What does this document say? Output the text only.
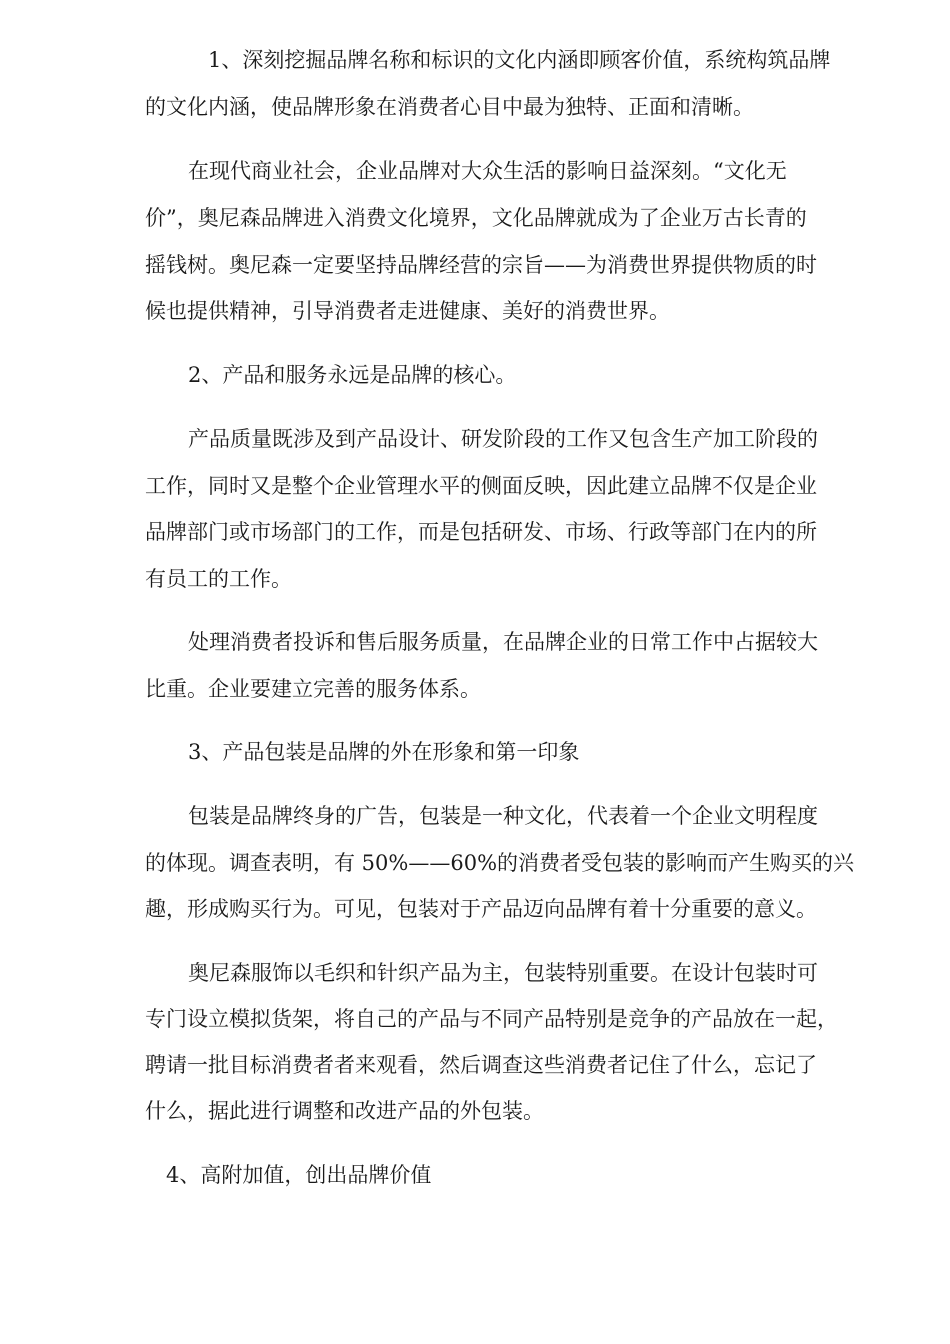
1、深刻挖掘品牌名称和标识的文化内涵即顾客价值，系统构筑品牌
的文化内涵，使品牌形象在消费者心目中最为独特、正面和清晰。
在现代商业社会，企业品牌对大众生活的影响日益深刻。“文化无
价”，奥尼森品牌进入消费文化境界，文化品牌就成为了企业万古长青的
摇钱树。奥尼森一定要坚持品牌经营的宗旨——为消费世界提供物质的时
候也提供精神，引导消费者走进健康、美好的消费世界。
2、产品和服务永远是品牌的核心。
产品质量既涉及到产品设计、研发阶段的工作又包含生产加工阶段的
工作，同时又是整个企业管理水平的侧面反映，因此建立品牌不仅是企业
品牌部门或市场部门的工作，而是包括研发、市场、行政等部门在内的所
有员工的工作。
处理消费者投诉和售后服务质量，在品牌企业的日常工作中占据较大
比重。企业要建立完善的服务体系。
3、产品包装是品牌的外在形象和第一印象
包装是品牌终身的广告，包装是一种文化，代表着一个企业文明程度
的体现。调查表明，有 50%——60%的消费者受包装的影响而产生购买的兴
趣，形成购买行为。可见，包装对于产品迈向品牌有着十分重要的意义。
奥尼森服饰以毛织和针织产品为主，包装特别重要。在设计包装时可
专门设立模拟货架，将自己的产品与不同产品特别是竞争的产品放在一起，
聘请一批目标消费者者来观看，然后调查这些消费者记住了什么，忘记了
什么，据此进行调整和改进产品的外包装。
4、高附加值，创出品牌价值
